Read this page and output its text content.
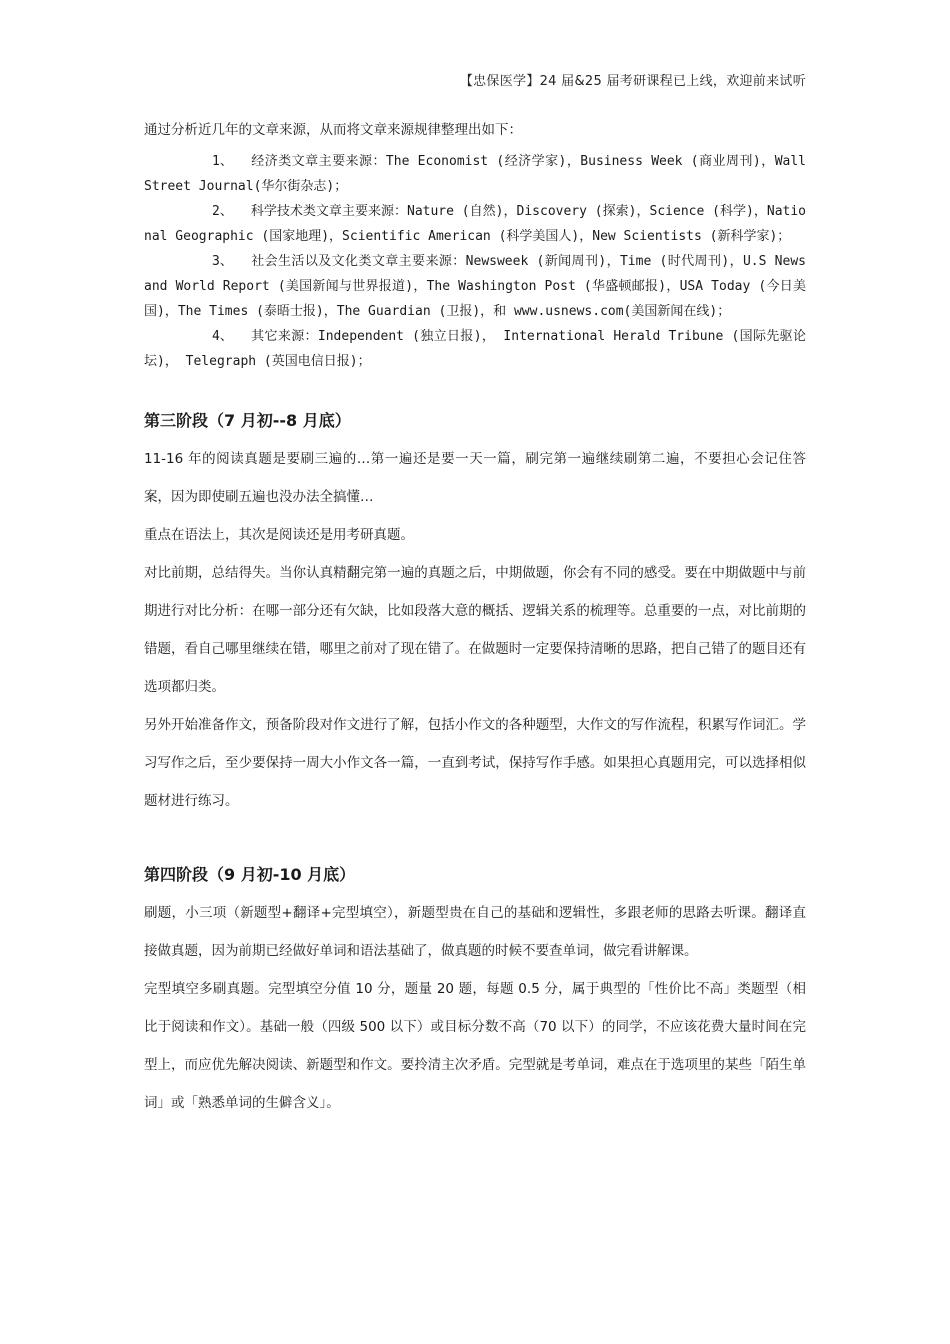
【忠保医学】24 届&25 届考研课程已上线，欢迎前来试听

通过分析近几年的文章来源，从而将文章来源规律整理出如下：

1、 经济类文章主要来源：The Economist (经济学家)，Business Week (商业周刊)，Wall Street Journal(华尔街杂志)；
2、 科学技术类文章主要来源：Nature (自然)，Discovery (探索)，Science (科学)，National Geographic (国家地理)，Scientific American (科学美国人)，New Scientists (新科学家)；
3、 社会生活以及文化类文章主要来源：Newsweek (新闻周刊)，Time (时代周刊)，U.S News and World Report (美国新闻与世界报道)，The Washington Post (华盛顿邮报)，USA Today (今日美国)，The Times (泰晤士报)，The Guardian (卫报)，和 www.usnews.com(美国新闻在线)；
4、 其它来源：Independent (独立日报)， International Herald Tribune (国际先驱论坛)， Telegraph (英国电信日报)；
第三阶段（7 月初--8 月底）

11-16 年的阅读真题是要刷三遍的…第一遍还是要一天一篇，刷完第一遍继续刷第二遍，不要担心会记住答案，因为即使刷五遍也没办法全搞懂…

重点在语法上，其次是阅读还是用考研真题。

对比前期，总结得失。当你认真精翻完第一遍的真题之后，中期做题，你会有不同的感受。要在中期做题中与前期进行对比分析：在哪一部分还有欠缺，比如段落大意的概括、逻辑关系的梳理等。总重要的一点，对比前期的错题，看自己哪里继续在错，哪里之前对了现在错了。在做题时一定要保持清晰的思路，把自己错了的题目还有选项都归类。

另外开始准备作文，预备阶段对作文进行了解，包括小作文的各种题型，大作文的写作流程，积累写作词汇。学习写作之后，至少要保持一周大小作文各一篇，一直到考试，保持写作手感。如果担心真题用完，可以选择相似题材进行练习。

第四阶段（9 月初-10 月底）

刷题，小三项（新题型+翻译+完型填空），新题型贵在自己的基础和逻辑性，多跟老师的思路去听课。翻译直接做真题，因为前期已经做好单词和语法基础了，做真题的时候不要查单词，做完看讲解课。

完型填空多刷真题。完型填空分值 10 分，题量 20 题，每题 0.5 分，属于典型的「性价比不高」类题型（相比于阅读和作文）。基础一般（四级 500 以下）或目标分数不高（70 以下）的同学，不应该花费大量时间在完型上，而应优先解决阅读、新题型和作文。要拎清主次矛盾。完型就是考单词，难点在于选项里的某些「陌生单词」或「熟悉单词的生僻含义」。
